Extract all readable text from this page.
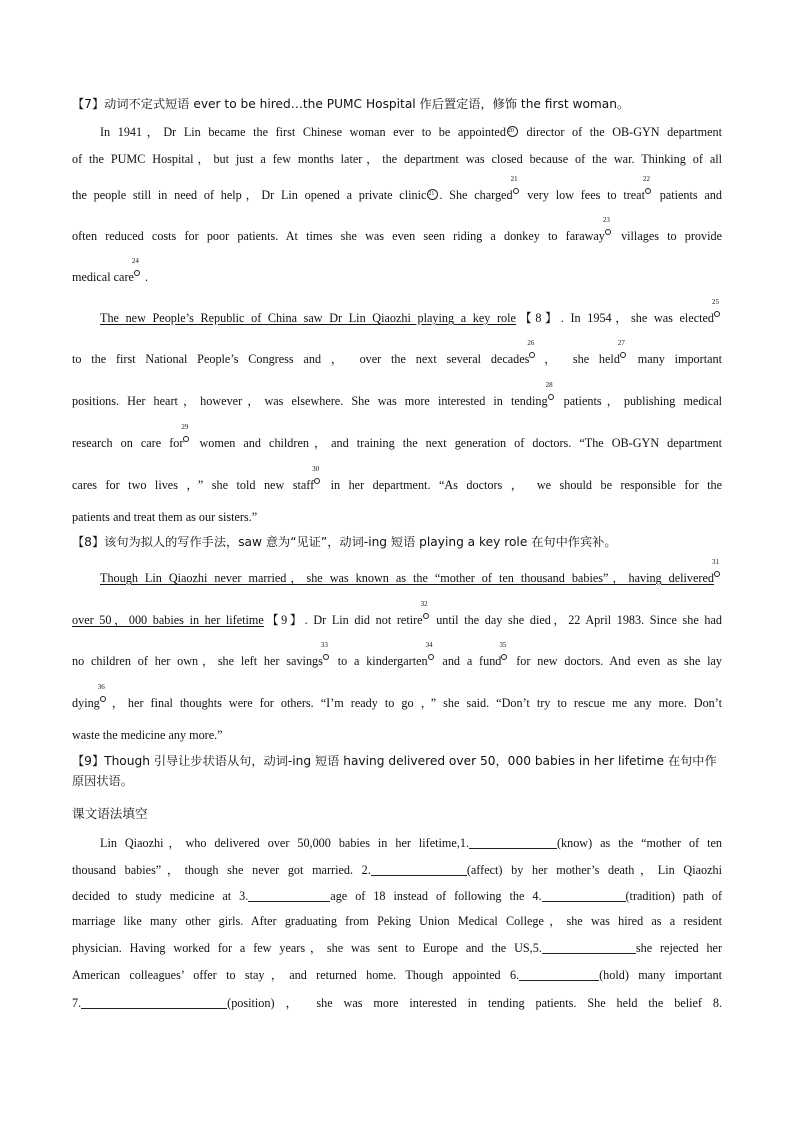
【7】动词不定式短语 ever to be hired…the PUMC Hospital 作后置定语，修饰 the first woman。
In 1941，Dr Lin became the first Chinese woman ever to be appointed 20 director of the OB-GYN department
of the PUMC Hospital，but just a few months later，the department was closed because of the war. Thinking of all
the people still in need of help，Dr Lin opened a private clinic 21 . She charged
21
very low fees to treat
22
patients and
often reduced costs for poor patients. At times she was even seen riding a donkey to faraway
23
villages to provide
medical care
24
.
The new People’s Republic of China saw Dr Lin Qiaozhi playing a key role【8】. In 1954，she was elected
25
to the first National People’s Congress and ， over the next several decades
26
， she held
27
many important
positions. Her heart，however，was elsewhere. She was more interested in tending
28
patients，publishing medical
research on care for
29
women and children，and training the next generation of doctors. “The OB-GYN department
cares for two lives ，” she told new staff
30
in her department. “As doctors ， we should be responsible for the
patients and treat them as our sisters.”
【8】该句为拟人的写作手法，saw 意为“见证”，动词-ing 短语 playing a key role 在句中作宾补。
Though Lin Qiaozhi never married，she was known as the “mother of ten thousand babies”，having delivered
31
over 50，000 babies in her lifetime【9】. Dr Lin did not retire
32
until the day she died，22 April 1983. Since she had
no children of her own，she left her savings
33
to a kindergarten
34
and a fund
35
for new doctors. And even as she lay
dying
36
，her final thoughts were for others. “I’m ready to go ，” she said. “Don’t try to rescue me any more. Don’t
waste the medicine any more.”
【9】Though 引导让步状语从句，动词-ing 短语 having delivered over 50，000 babies in her lifetime 在句中作
原因状语。
课文语法填空
Lin Qiaozhi，who delivered over 50,000 babies in her lifetime,1.	(know) as the “mother of ten
thousand babies”，though she never got married. 2.	(affect) by her mother’s death，Lin Qiaozhi
decided to study medicine at 3.	age of 18 instead of following the 4.	(tradition) path of
marriage like many other girls. After graduating from Peking Union Medical College，she was hired as a resident
physician. Having worked for a few years，she was sent to Europe and the US,5.	she rejected her
American colleagues’ offer to stay，and returned home. Though appointed 6.	(hold) many important
7.	(position) ， she was more interested in tending patients. She held the belief 8.
